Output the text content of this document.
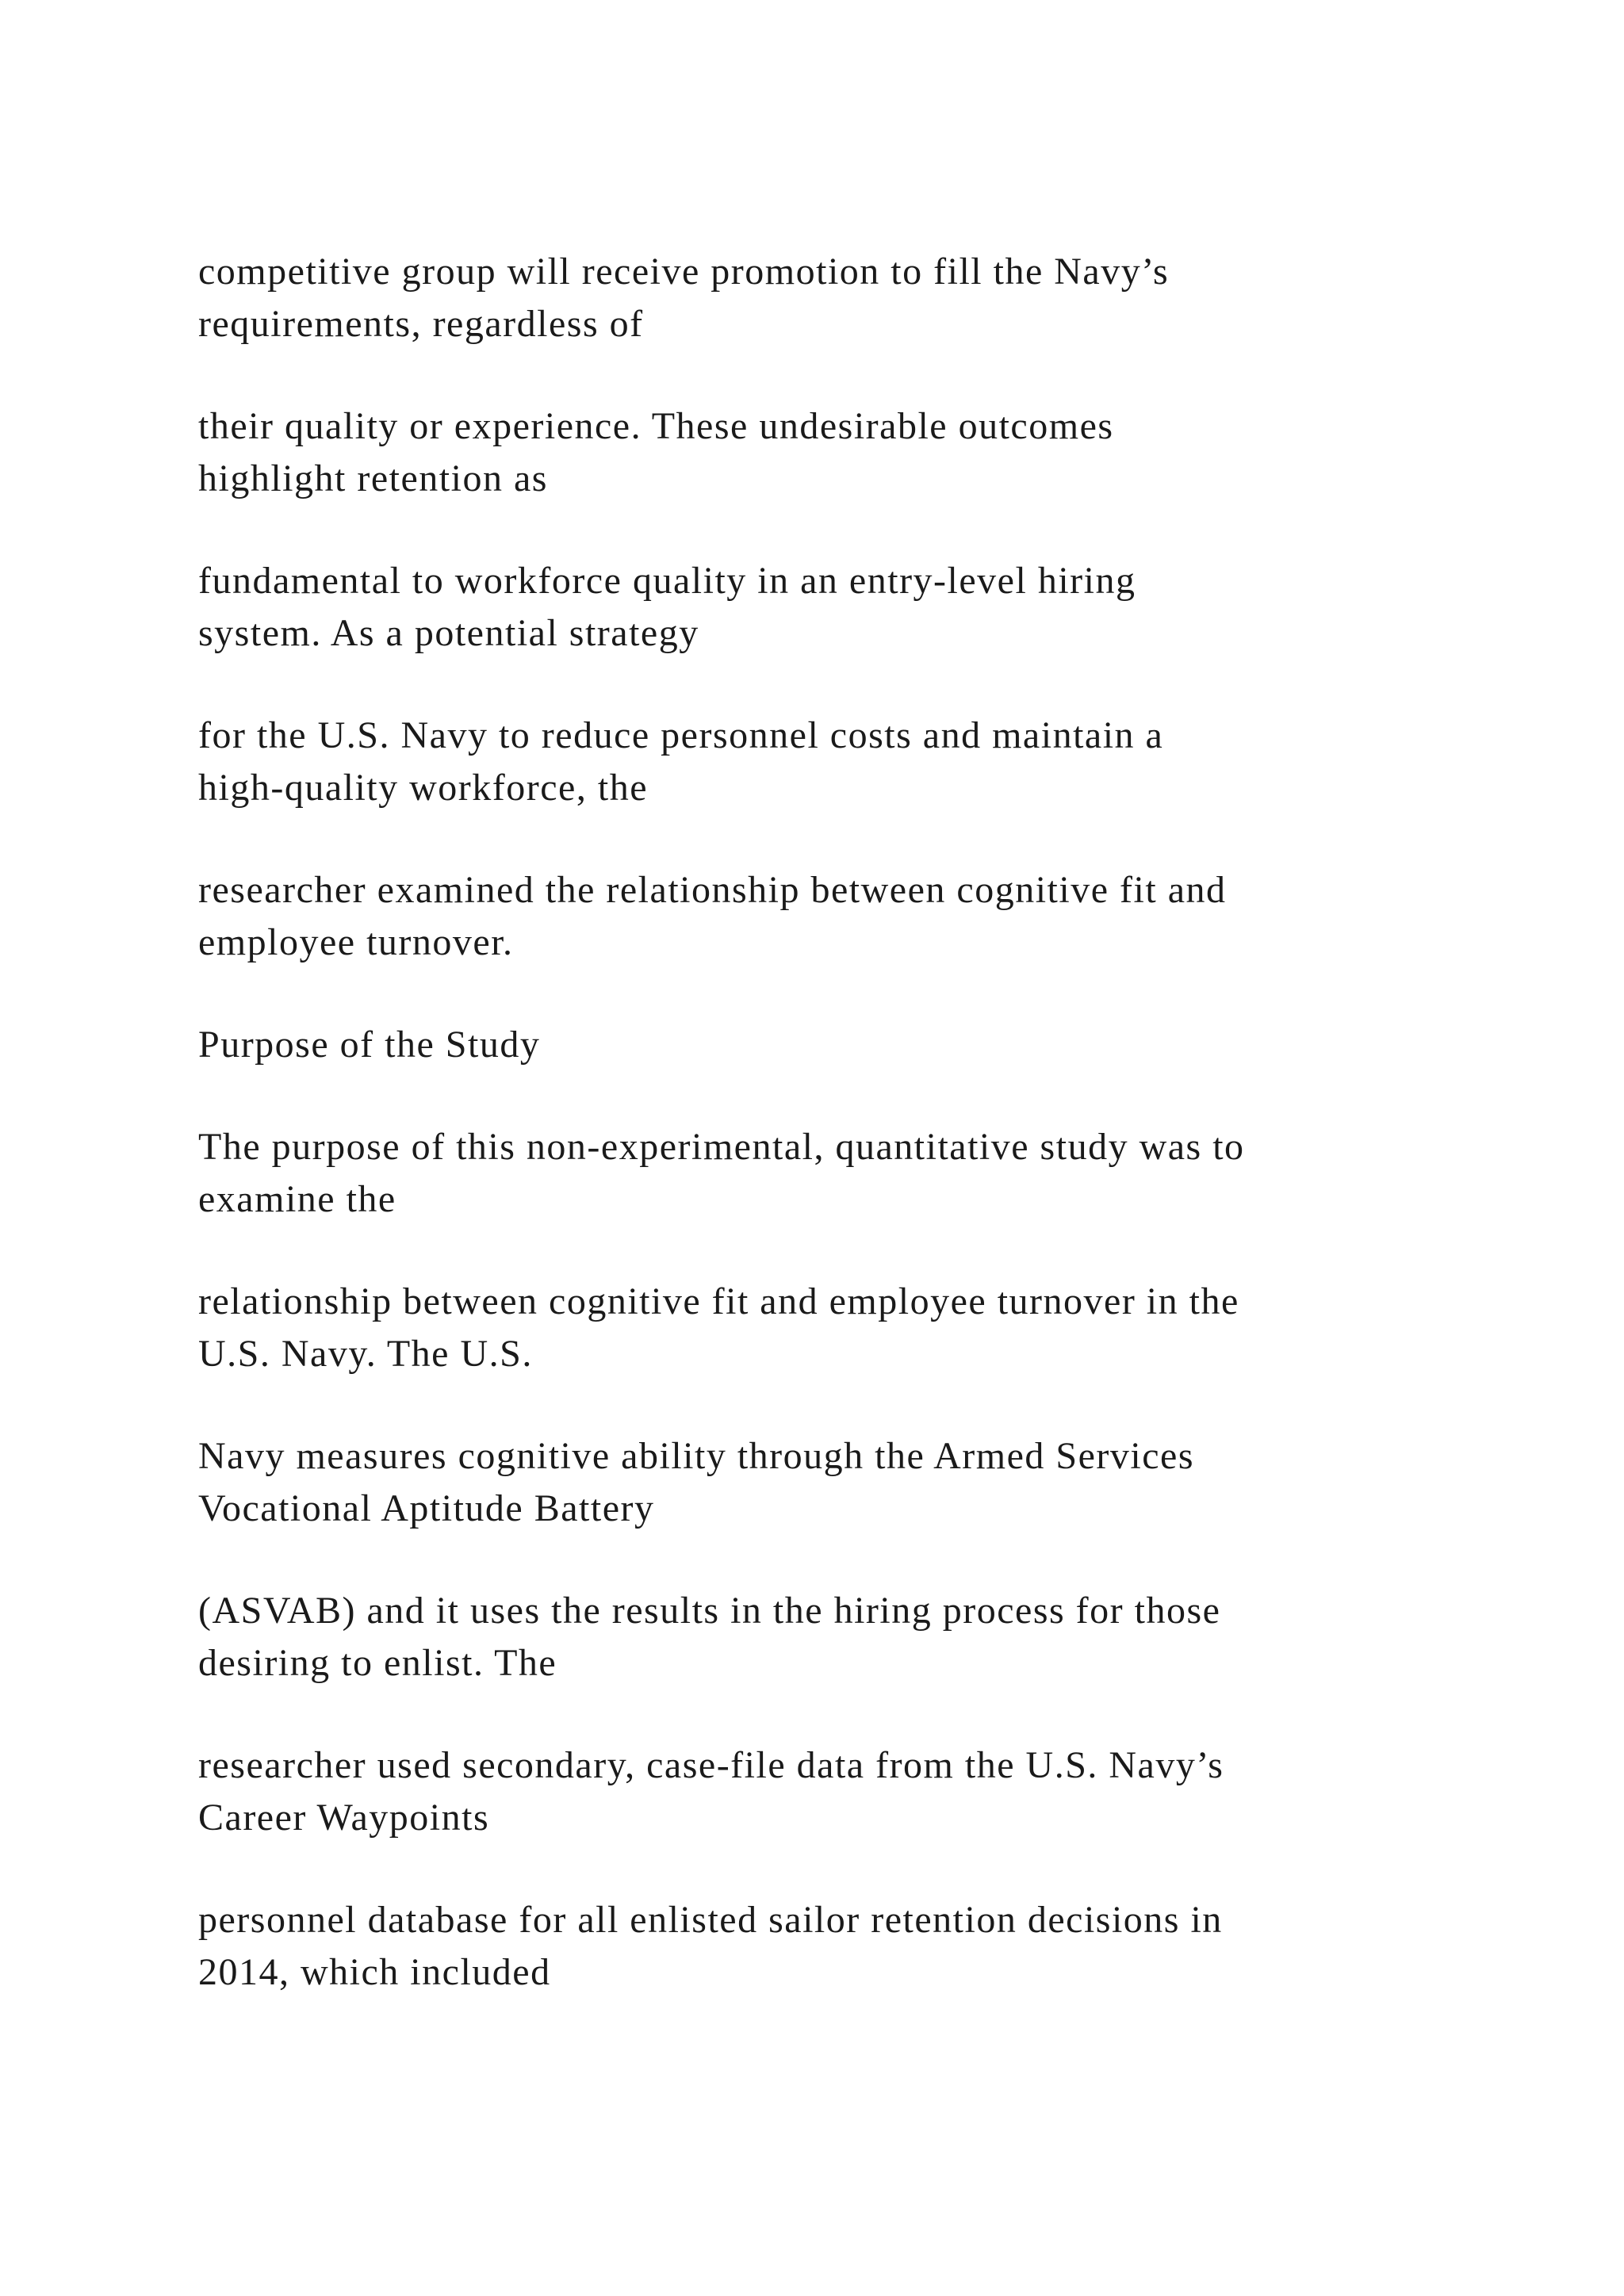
competitive group will receive promotion to fill the Navy’s
requirements, regardless of

their quality or experience. These undesirable outcomes
highlight retention as

fundamental to workforce quality in an entry-level hiring
system. As a potential strategy

for the U.S. Navy to reduce personnel costs and maintain a
high-quality workforce, the

researcher examined the relationship between cognitive fit and
employee turnover.

Purpose of the Study

The purpose of this non-experimental, quantitative study was to
examine the

relationship between cognitive fit and employee turnover in the
U.S. Navy. The U.S.

Navy measures cognitive ability through the Armed Services
Vocational Aptitude Battery

(ASVAB) and it uses the results in the hiring process for those
desiring to enlist. The

researcher used secondary, case-file data from the U.S. Navy’s
Career Waypoints

personnel database for all enlisted sailor retention decisions in
2014, which included
